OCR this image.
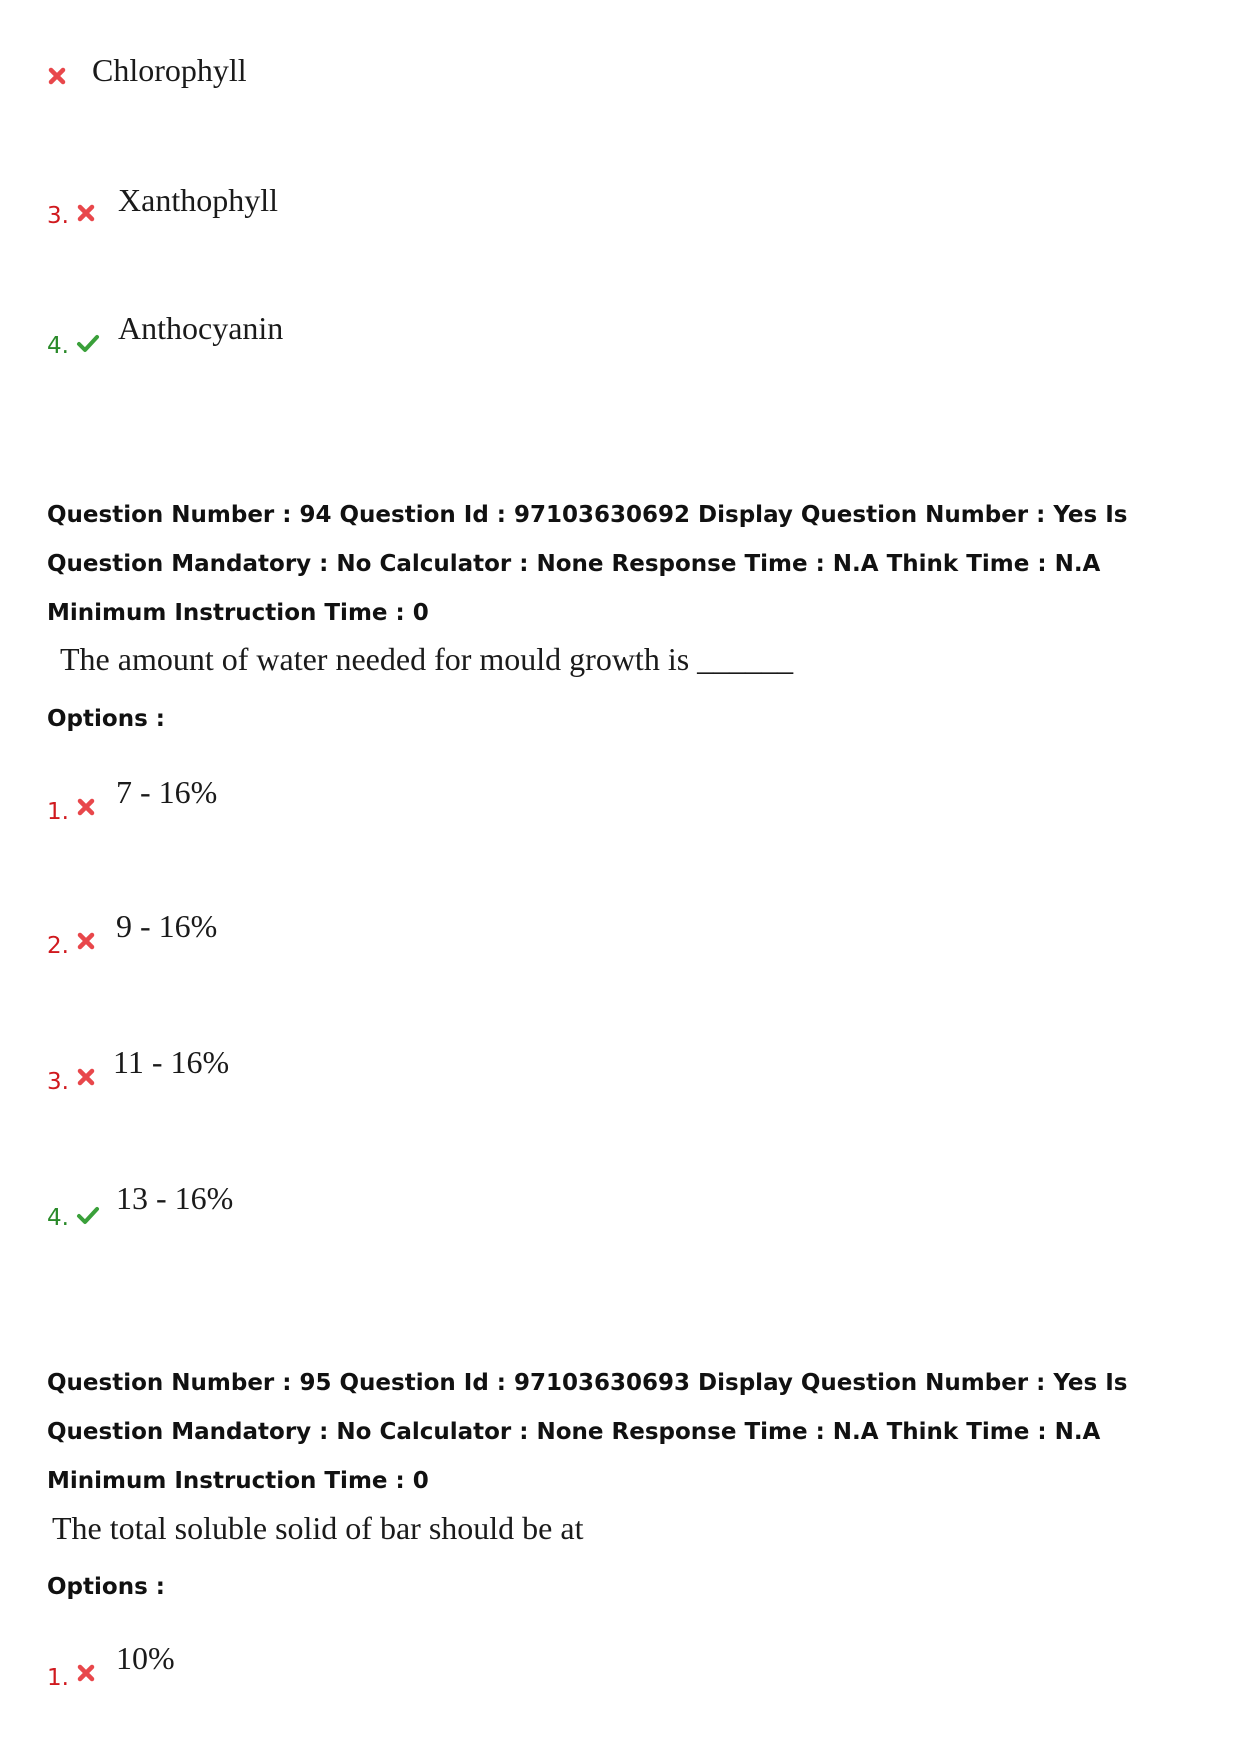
Chlorophyll
3. Xanthophyll
4. Anthocyanin
Question Number : 94 Question Id : 97103630692 Display Question Number : Yes Is Question Mandatory : No Calculator : None Response Time : N.A Think Time : N.A Minimum Instruction Time : 0
The amount of water needed for mould growth is ______
Options :
1.
7 - 16%
2.
9 - 16%
3.
11 - 16%
4.
13 - 16%
Question Number : 95 Question Id : 97103630693 Display Question Number : Yes Is Question Mandatory : No Calculator : None Response Time : N.A Think Time : N.A Minimum Instruction Time : 0
The total soluble solid of bar should be at
Options :
1.
10%
